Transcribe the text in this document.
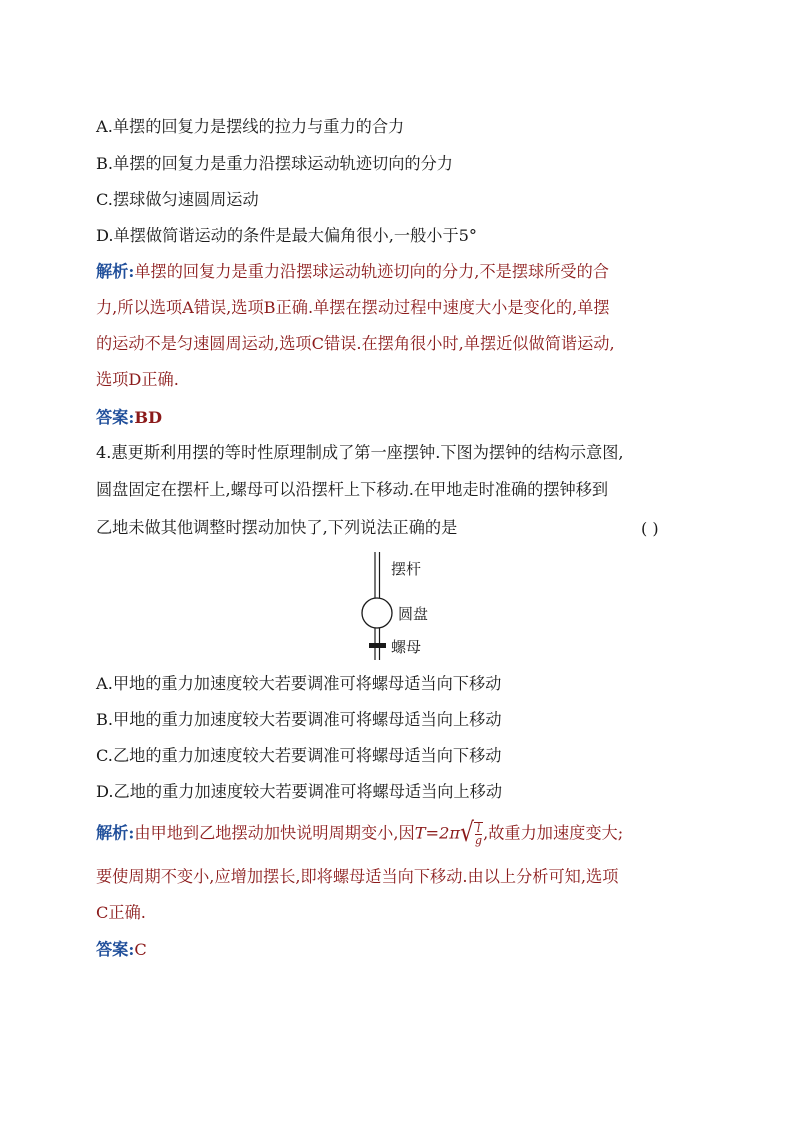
A.单摆的回复力是摆线的拉力与重力的合力
B.单摆的回复力是重力沿摆球运动轨迹切向的分力
C.摆球做匀速圆周运动
D.单摆做简谐运动的条件是最大偏角很小,一般小于5°
解析:单摆的回复力是重力沿摆球运动轨迹切向的分力,不是摆球所受的合
力,所以选项A错误,选项B正确.单摆在摆动过程中速度大小是变化的,单摆
的运动不是匀速圆周运动,选项C错误.在摆角很小时,单摆近似做简谐运动,
选项D正确.
答案:BD
4.惠更斯利用摆的等时性原理制成了第一座摆钟.下图为摆钟的结构示意图,
圆盘固定在摆杆上,螺母可以沿摆杆上下移动.在甲地走时准确的摆钟移到
乙地未做其他调整时摆动加快了,下列说法正确的是	( )
摆杆
圆盘
螺母
A.甲地的重力加速度较大若要调准可将螺母适当向下移动
B.甲地的重力加速度较大若要调准可将螺母适当向上移动
C.乙地的重力加速度较大若要调准可将螺母适当向下移动
D.乙地的重力加速度较大若要调准可将螺母适当向上移动
解析:由甲地到乙地摆动加快说明周期变小,因$T=2\pi√ \frac{l}{g}$ ,故重力加速度变大;
要使周期不变小,应增加摆长,即将螺母适当向下移动.由以上分析可知,选项
C正确.
答案:C
